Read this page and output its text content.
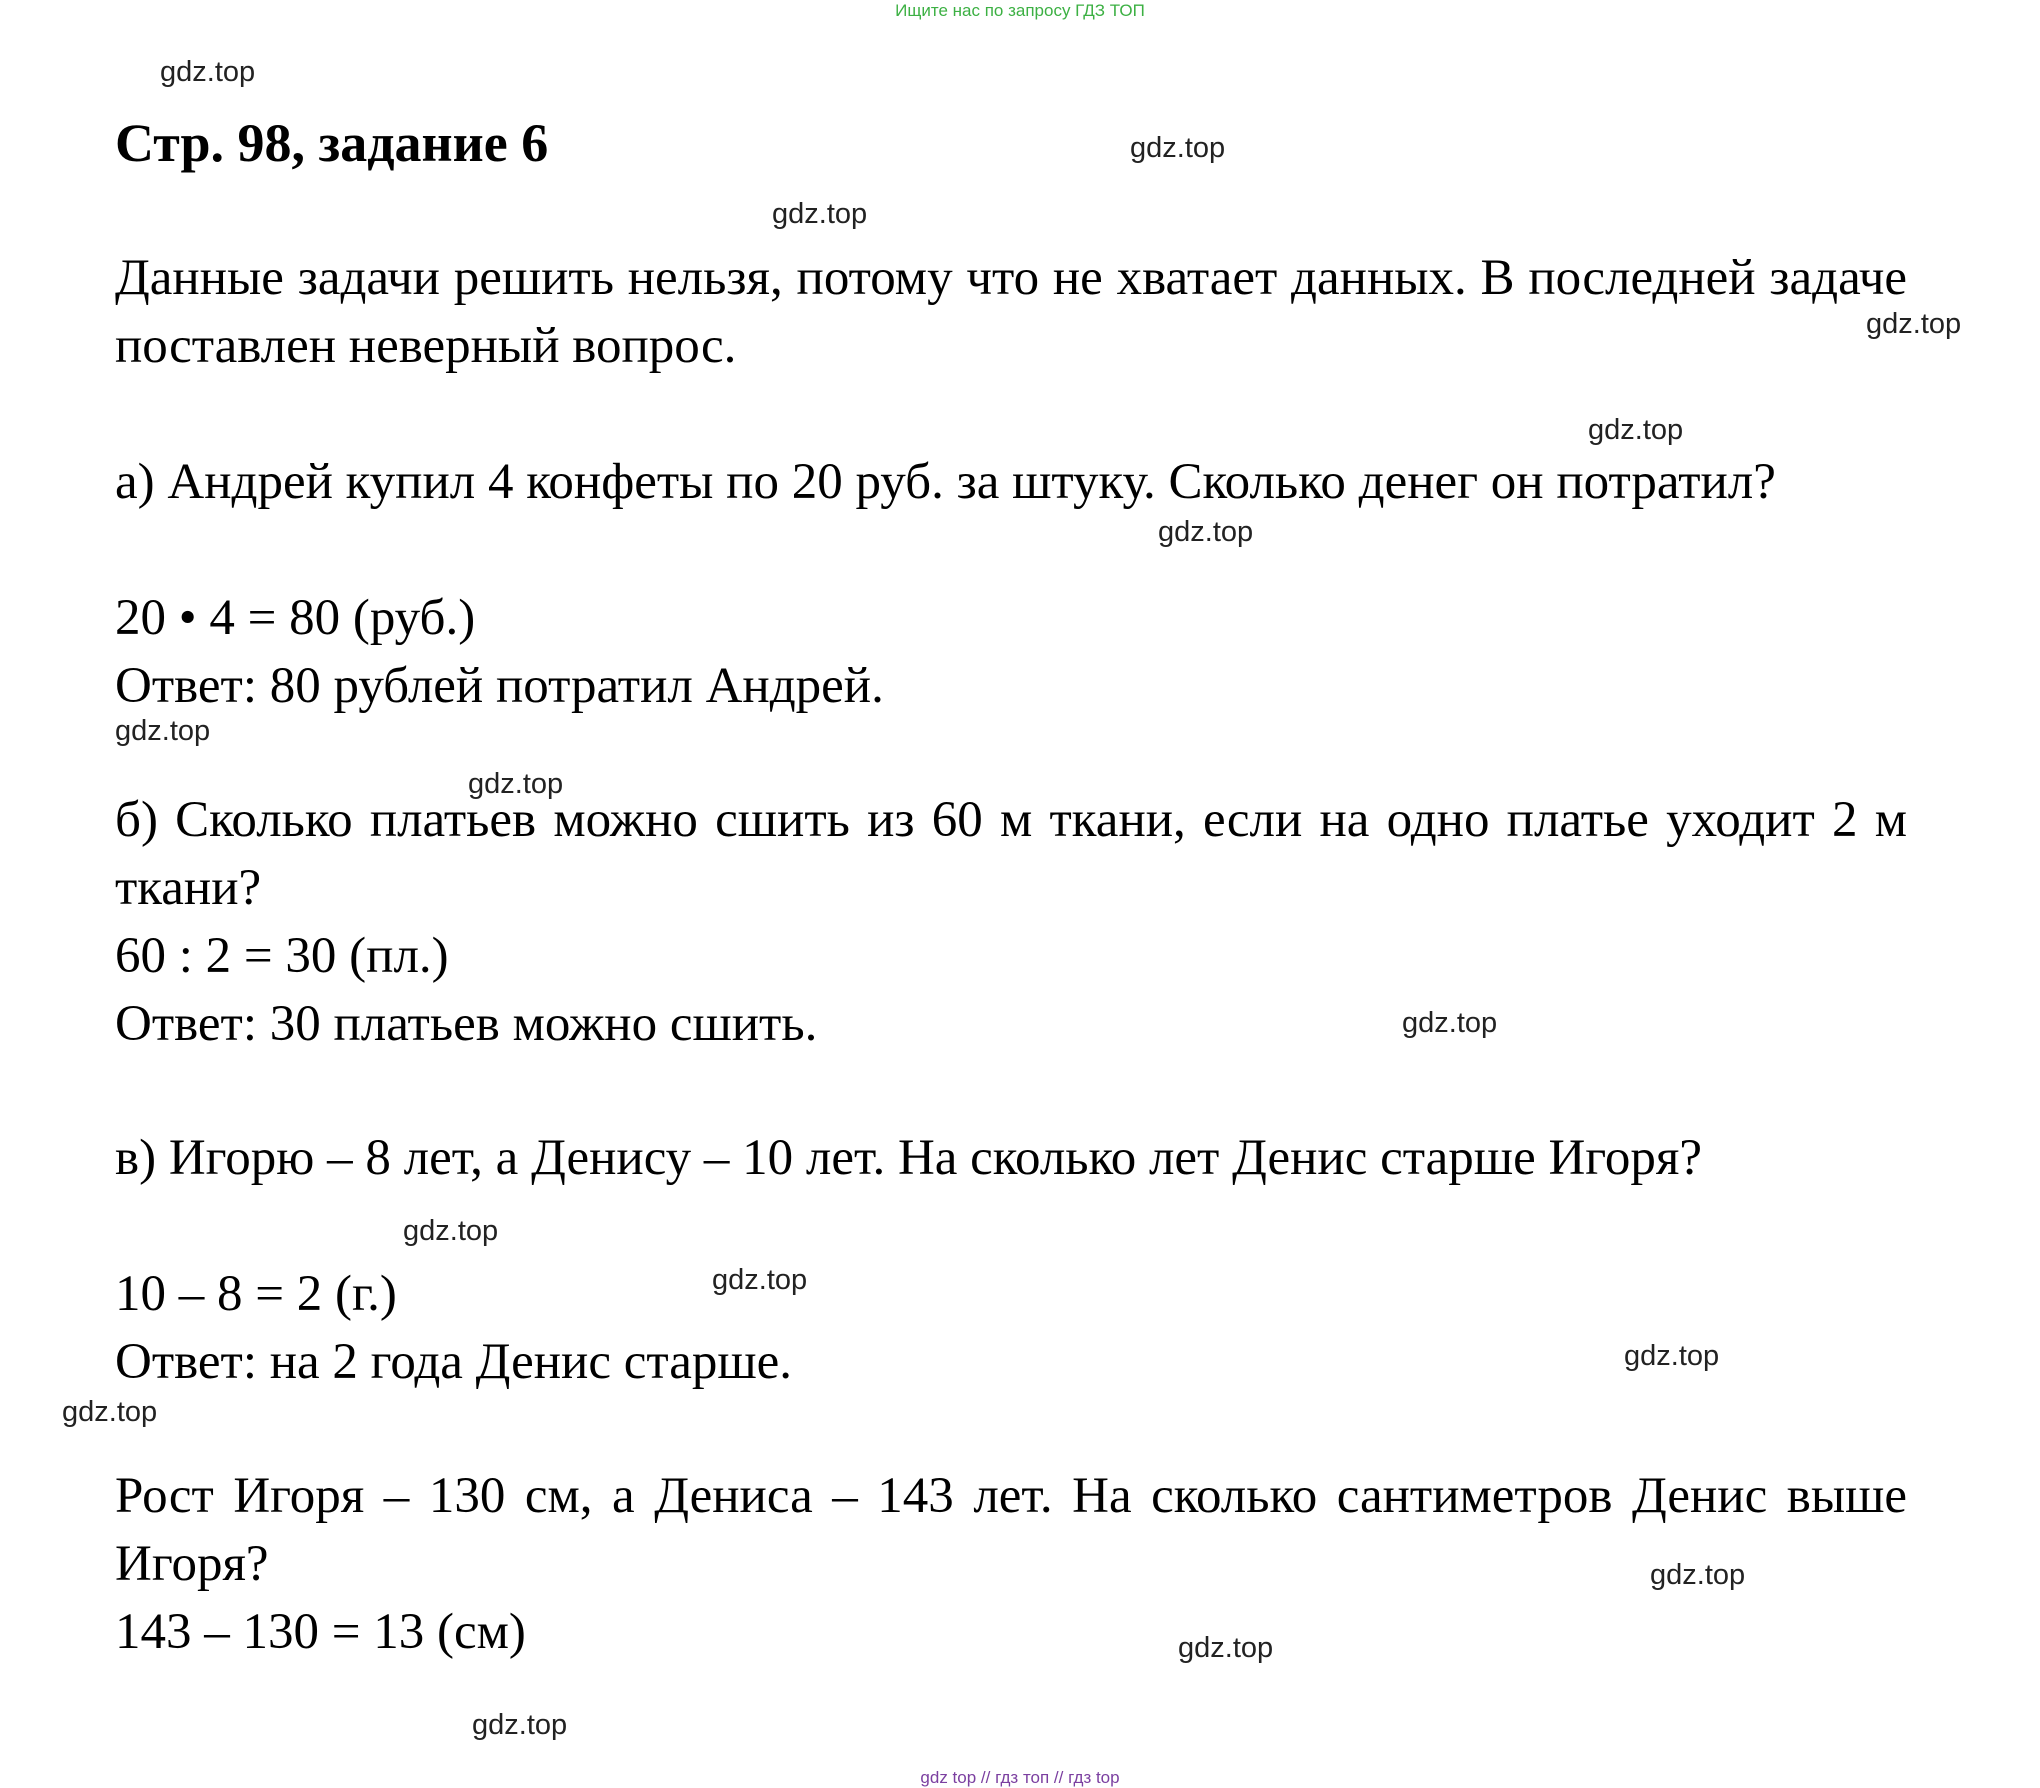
Ищите нас по запросу ГДЗ ТОП
gdz.top
gdz.top
gdz.top
gdz.top
gdz.top
gdz.top
gdz.top
gdz.top
gdz.top
gdz.top
gdz.top
gdz.top
gdz.top
gdz.top
gdz.top
gdz.top
Стр. 98, задание 6
Данные задачи решить нельзя, потому что не хватает данных. В последней задаче поставлен неверный вопрос.
а) Андрей купил 4 конфеты по 20 руб. за штуку. Сколько денег он потратил?
20 • 4 = 80 (руб.)
Ответ: 80 рублей потратил Андрей.
б) Сколько платьев можно сшить из 60 м ткани, если на одно платье уходит 2 м ткани?
60 : 2 = 30 (пл.)
Ответ: 30 платьев можно сшить.
в) Игорю – 8 лет, а Денису – 10 лет. На сколько лет Денис старше Игоря?
10 – 8 = 2 (г.)
Ответ: на 2 года Денис старше.
Рост Игоря – 130 см, а Дениса – 143 лет. На сколько сантиметров Денис выше Игоря?
143 – 130 = 13 (см)
gdz top // гдз топ // гдз top
